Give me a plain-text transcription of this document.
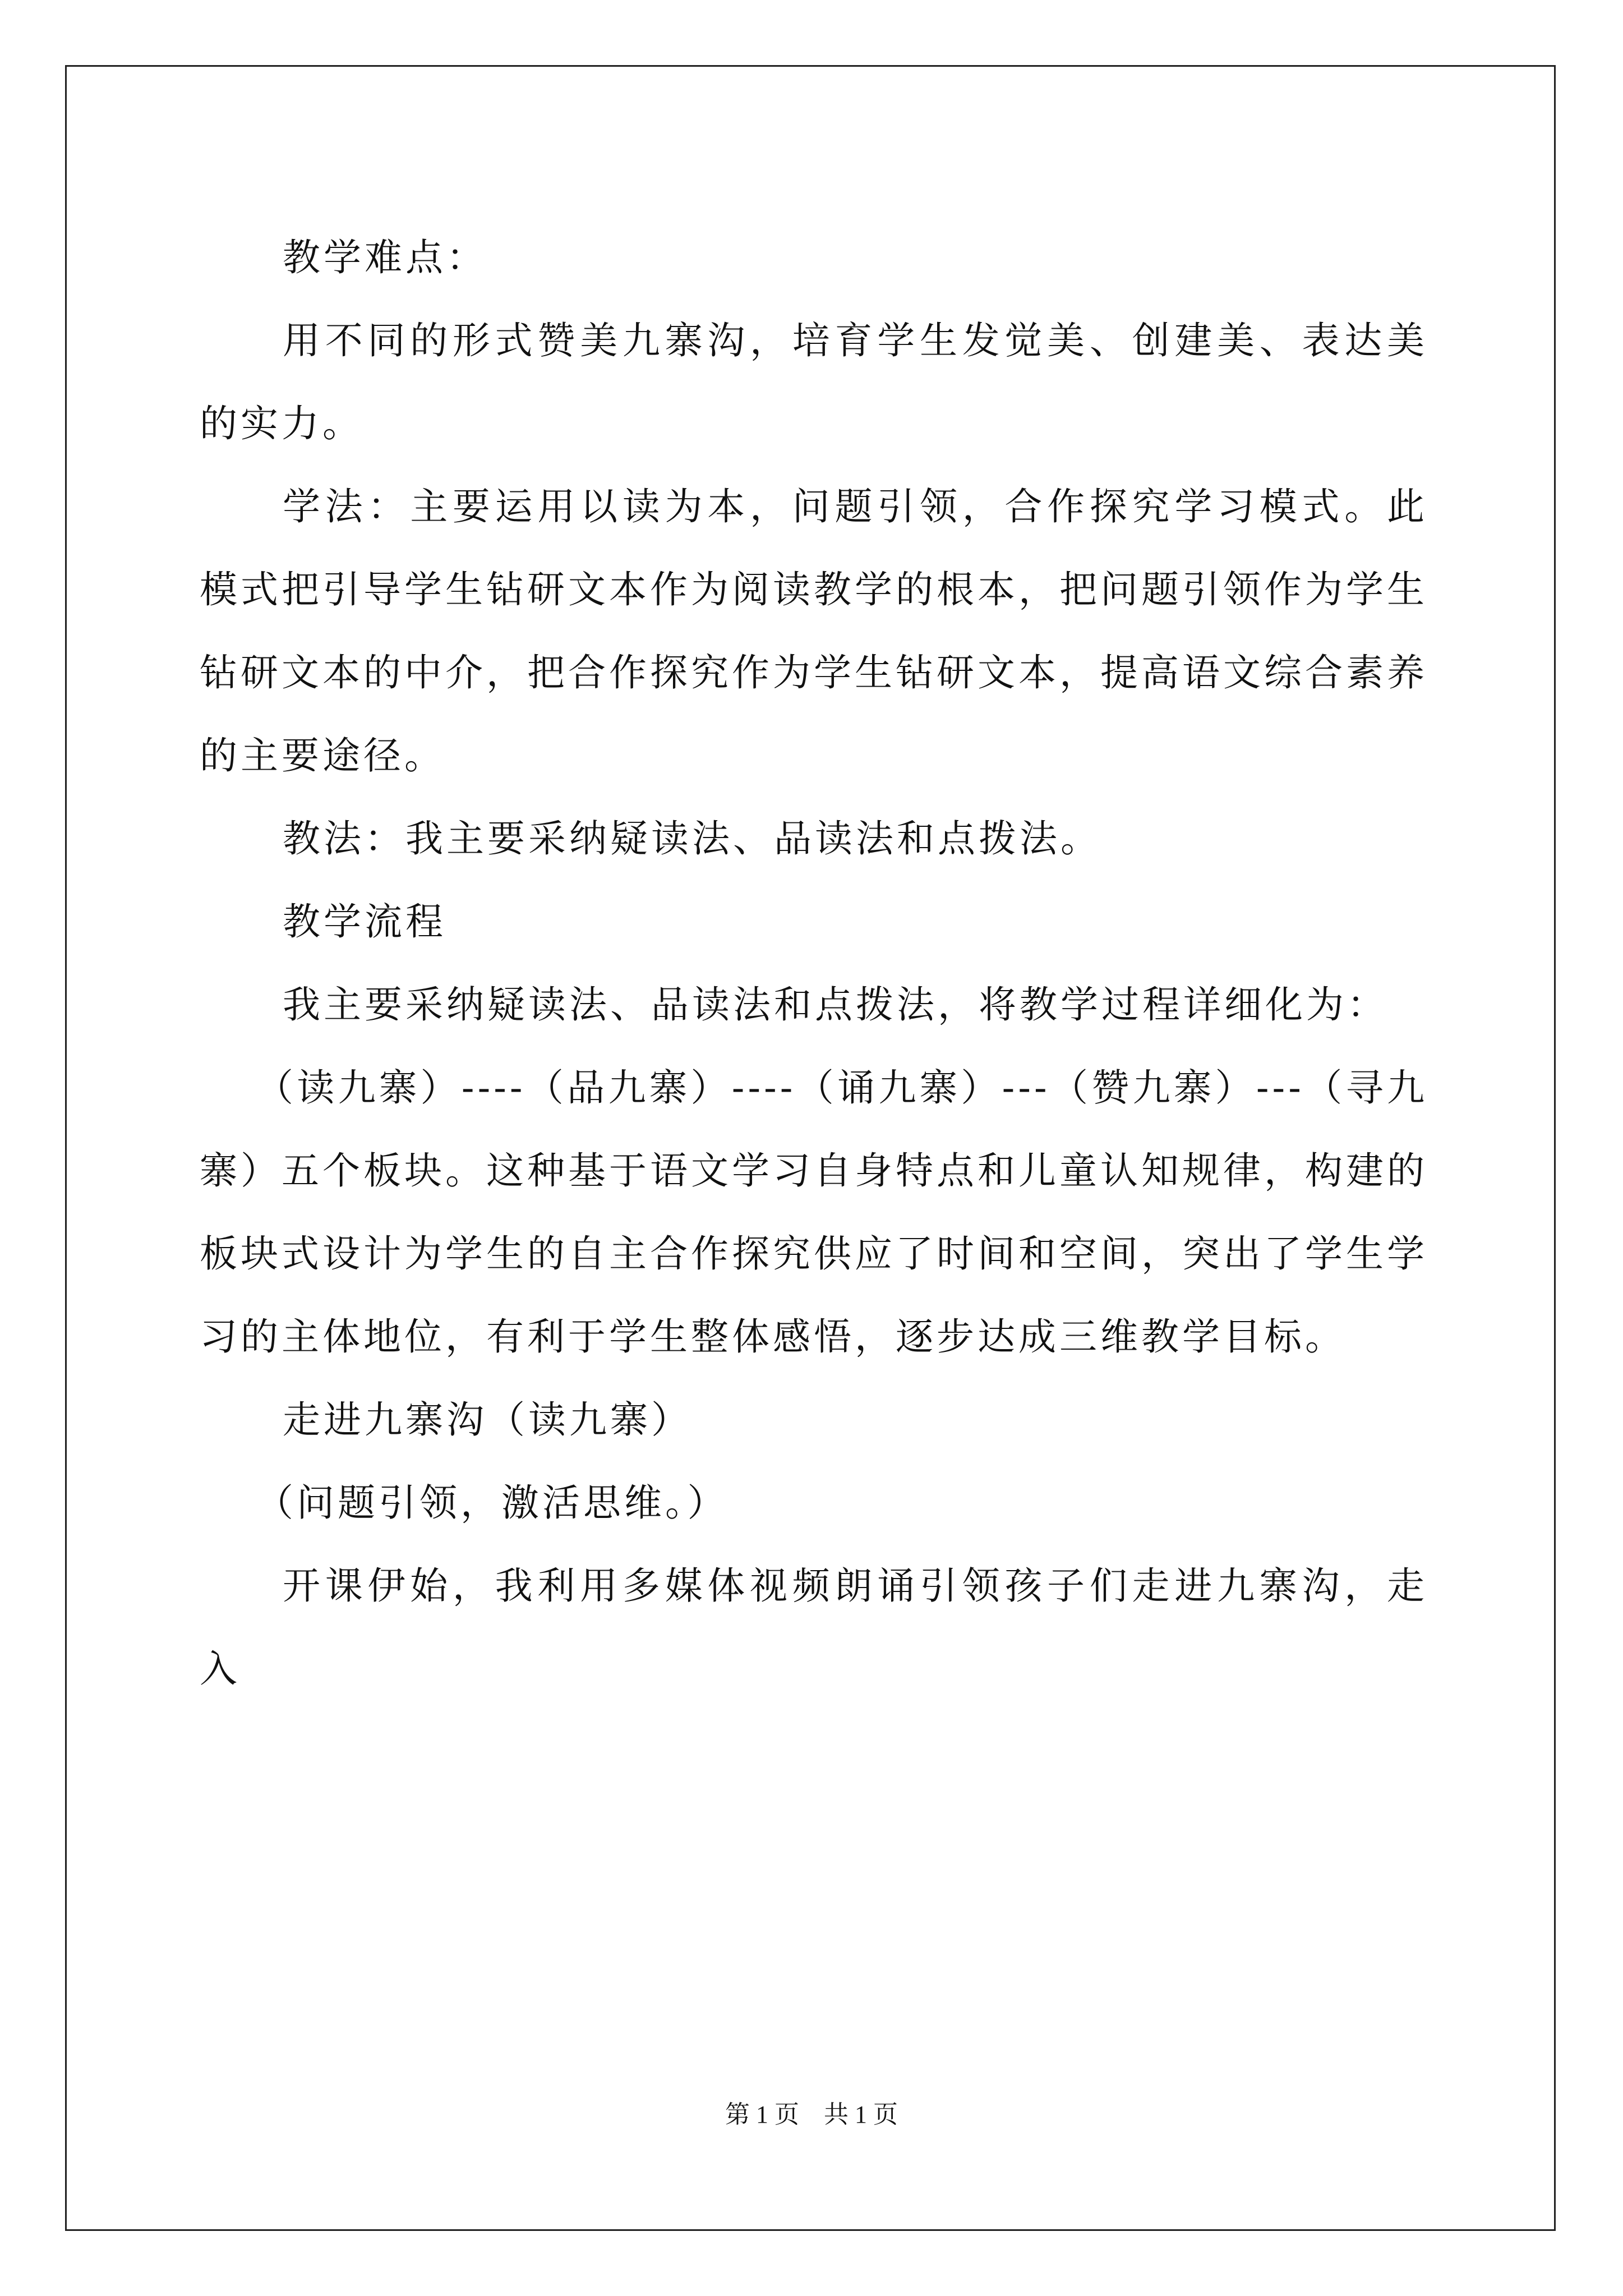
教学难点：

用不同的形式赞美九寨沟，培育学生发觉美、创建美、表达美的实力。

学法：主要运用以读为本，问题引领，合作探究学习模式。此模式把引导学生钻研文本作为阅读教学的根本，把问题引领作为学生钻研文本的中介，把合作探究作为学生钻研文本，提高语文综合素养的主要途径。

教法：我主要采纳疑读法、品读法和点拨法。

教学流程

我主要采纳疑读法、品读法和点拨法，将教学过程详细化为：

（读九寨）----（品九寨）----（诵九寨）---（赞九寨）---（寻九寨）五个板块。这种基于语文学习自身特点和儿童认知规律，构建的板块式设计为学生的自主合作探究供应了时间和空间，突出了学生学习的主体地位，有利于学生整体感悟，逐步达成三维教学目标。

走进九寨沟（读九寨）

（问题引领，激活思维。）

开课伊始，我利用多媒体视频朗诵引领孩子们走进九寨沟，走入

第 1 页    共 1 页
